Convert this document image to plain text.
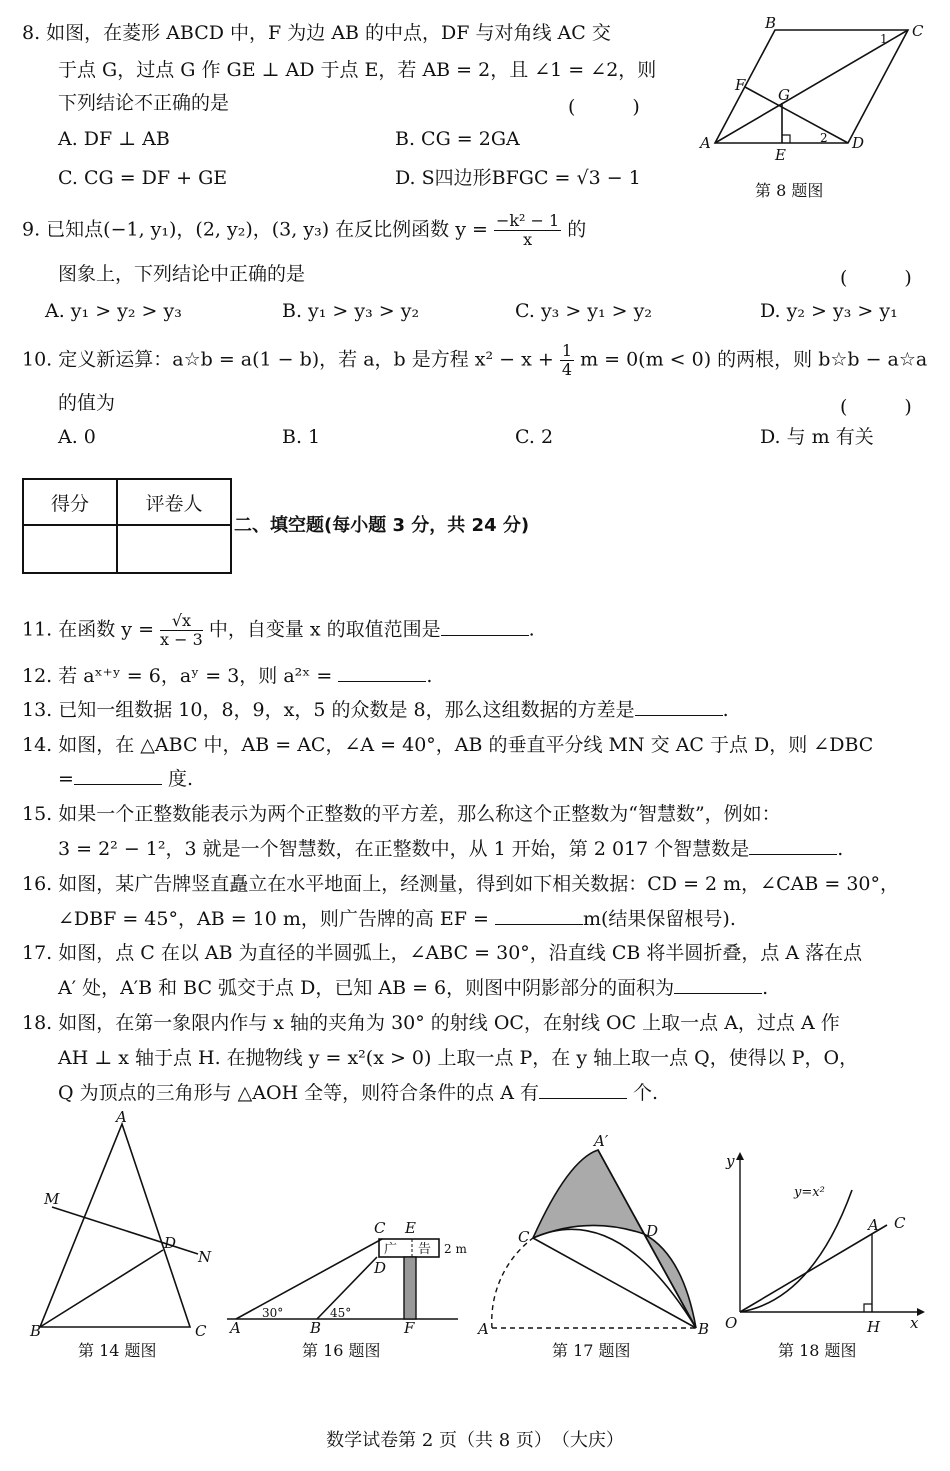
8. 如图，在菱形 ABCD 中，F 为边 AB 的中点，DF 与对角线 AC 交
于点 G，过点 G 作 GE ⊥ AD 于点 E，若 AB = 2，且 ∠1 = ∠2，则
下列结论不正确的是	(　　　)
A. DF ⊥ AB	B. CG = 2GA
C. CG = DF + GE	D. S四边形BFGC = √3 − 1
A
B	C
D
E
F
G
1
2
第 8 题图
9. 已知点(−1, y₁)，(2, y₂)，(3, y₃) 在反比例函数 $y = \frac{\text{−k² − 1}}{x}$ 的
图象上，下列结论中正确的是	(　　　)
A. y₁ > y₂ > y₃	B. y₁ > y₃ > y₂	C. y₃ > y₁ > y₂	D. y₂ > y₃ > y₁
10. 定义新运算：a☆b = a(1 − b)，若 a，b 是方程 $x^2 - x + \frac{1}{4}$ m = 0(m < 0) 的两根，则 b☆b − a☆a
的值为	(　　　)
A. 0	B. 1	C. 2	D. 与 m 有关
得分	评卷人

二、填空题(每小题 3 分，共 24 分)
11. 在函数 $y = \frac{√x}{x - 3}$ 中，自变量 x 的取值范围是	.
12. 若 aˣ⁺ʸ = 6，aʸ = 3，则 a²ˣ =	.
13. 已知一组数据 10，8，9，x，5 的众数是 8，那么这组数据的方差是	.
14. 如图，在 △ABC 中，AB = AC，∠A = 40°，AB 的垂直平分线 MN 交 AC 于点 D，则 ∠DBC
=	度.
15. 如果一个正整数能表示为两个正整数的平方差，那么称这个正整数为“智慧数”，例如：
3 = 2² − 1²，3 就是一个智慧数，在正整数中，从 1 开始，第 2 017 个智慧数是	.
16. 如图，某广告牌竖直矗立在水平地面上，经测量，得到如下相关数据：CD = 2 m，∠CAB = 30°，
∠DBF = 45°，AB = 10 m，则广告牌的高 EF =	m(结果保留根号).
17. 如图，点 C 在以 AB 为直径的半圆弧上，∠ABC = 30°，沿直线 CB 将半圆折叠，点 A 落在点
A′ 处，A′B 和 BC 弧交于点 D，已知 AB = 6，则图中阴影部分的面积为	.
18. 如图，在第一象限内作与 x 轴的夹角为 30° 的射线 OC，在射线 OC 上取一点 A，过点 A 作
AH ⊥ x 轴于点 H. 在抛物线 y = x²(x > 0) 上取一点 P，在 y 轴上取一点 Q，使得以 P，O，
Q 为顶点的三角形与 △AOH 全等，则符合条件的点 A 有	个.
A
B	C
M
N
D
第 14 题图
C E
D
A	B	F
广 告 2 m
30°	45°
第 16 题图
A	B
C	D
A′
第 17 题图
y
x
O
A C
H
y=x²
第 18 题图
数学试卷第 2 页（共 8 页）　（大庆）
